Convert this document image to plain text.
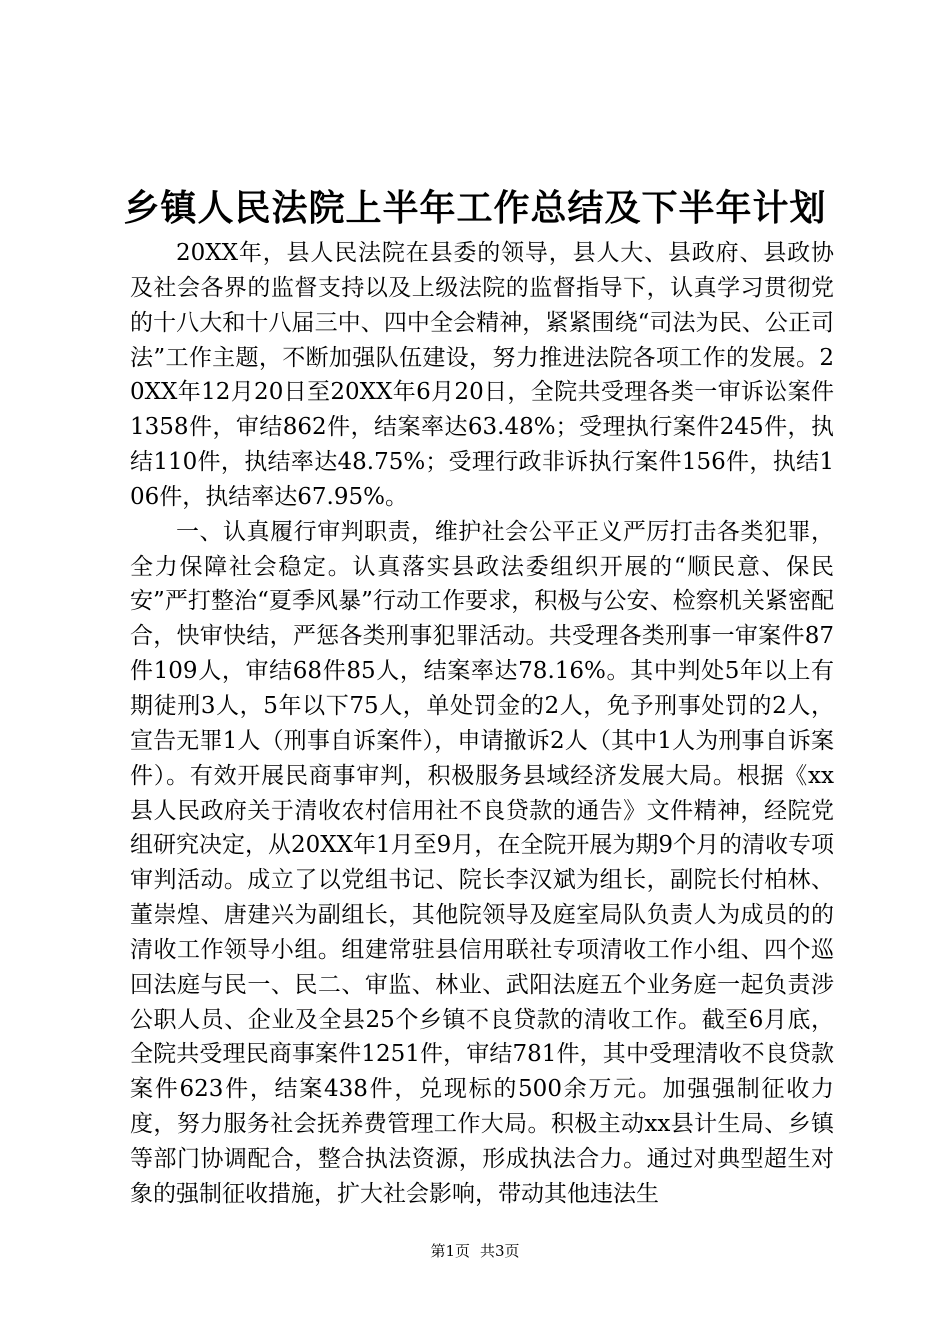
乡镇人民法院上半年工作总结及下半年计划

20XX年，县人民法院在县委的领导，县人大、县政府、县政协及社会各界的监督支持以及上级法院的监督指导下，认真学习贯彻党的十八大和十八届三中、四中全会精神，紧紧围绕“司法为民、公正司法”工作主题，不断加强队伍建设，努力推进法院各项工作的发展。20XX年12月20日至20XX年6月20日，全院共受理各类一审诉讼案件1358件，审结862件，结案率达63.48%；受理执行案件245件，执结110件，执结率达48.75%；受理行政非诉执行案件156件，执结106件，执结率达67.95%。

一、认真履行审判职责，维护社会公平正义严厉打击各类犯罪，全力保障社会稳定。认真落实县政法委组织开展的“顺民意、保民安”严打整治“夏季风暴”行动工作要求，积极与公安、检察机关紧密配合，快审快结，严惩各类刑事犯罪活动。共受理各类刑事一审案件87件109人，审结68件85人，结案率达78.16%。其中判处5年以上有期徒刑3人，5年以下75人，单处罚金的2人，免予刑事处罚的2人，宣告无罪1人（刑事自诉案件），申请撤诉2人（其中1人为刑事自诉案件）。有效开展民商事审判，积极服务县域经济发展大局。根据《xx县人民政府关于清收农村信用社不良贷款的通告》文件精神，经院党组研究决定，从20XX年1月至9月，在全院开展为期9个月的清收专项审判活动。成立了以党组书记、院长李汉斌为组长，副院长付柏林、董崇煌、唐建兴为副组长，其他院领导及庭室局队负责人为成员的的清收工作领导小组。组建常驻县信用联社专项清收工作小组、四个巡回法庭与民一、民二、审监、林业、武阳法庭五个业务庭一起负责涉公职人员、企业及全县25个乡镇不良贷款的清收工作。截至6月底，全院共受理民商事案件1251件，审结781件，其中受理清收不良贷款案件623件，结案438件，兑现标的500余万元。加强强制征收力度，努力服务社会抚养费管理工作大局。积极主动xx县计生局、乡镇等部门协调配合，整合执法资源，形成执法合力。通过对典型超生对象的强制征收措施，扩大社会影响，带动其他违法生

第1页 共3页
